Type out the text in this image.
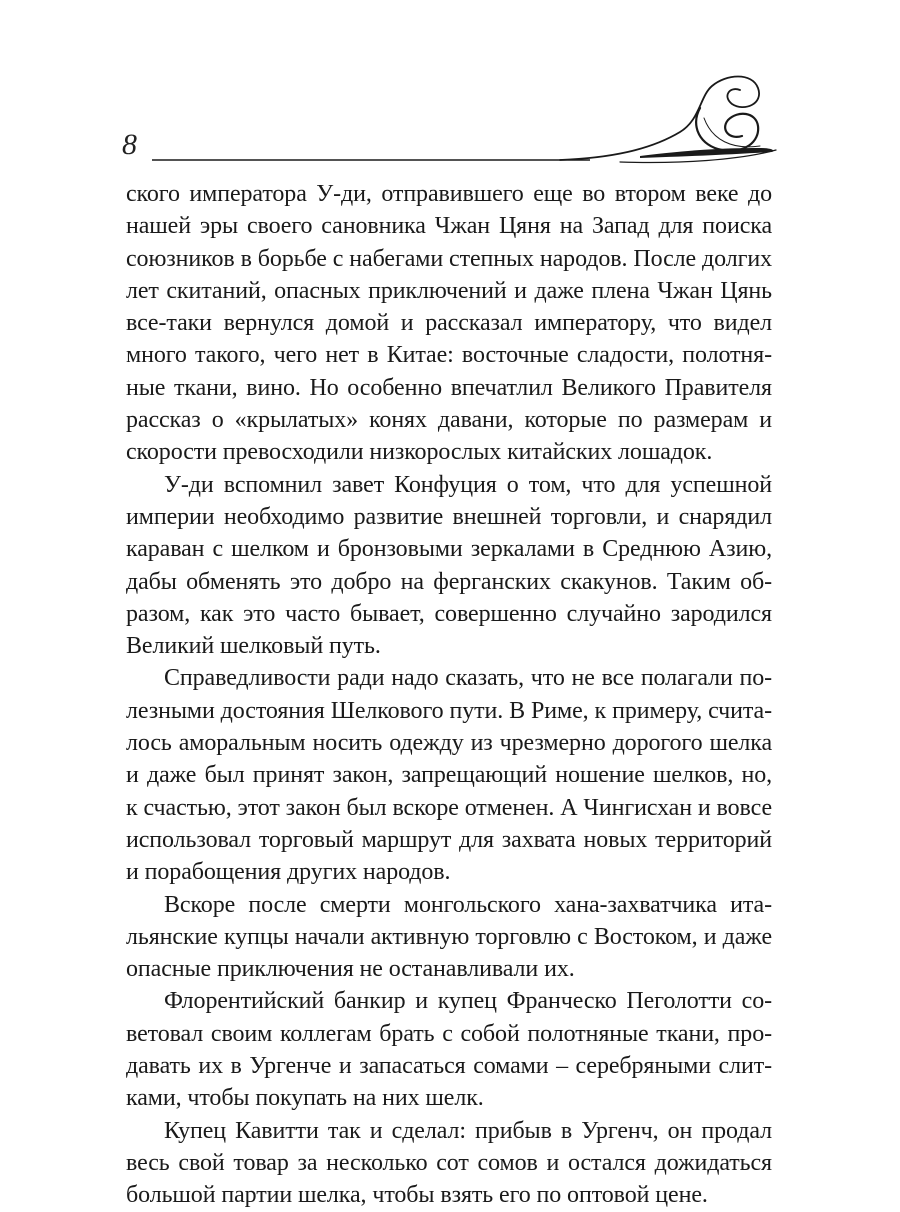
8

ского императора У-ди, отправившего еще во втором веке до
нашей эры своего сановника Чжан Цяня на Запад для поиска
союзников в борьбе с набегами степных народов. После долгих
лет скитаний, опасных приключений и даже плена Чжан Цянь
все-таки вернулся домой и рассказал императору, что видел
много такого, чего нет в Китае: восточные сладости, полотня-
ные ткани, вино. Но особенно впечатлил Великого Правителя
рассказ о «крылатых» конях давани, которые по размерам и
скорости превосходили низкорослых китайских лошадок.

У-ди вспомнил завет Конфуция о том, что для успешной
империи необходимо развитие внешней торговли, и снарядил
караван с шелком и бронзовыми зеркалами в Среднюю Азию,
дабы обменять это добро на ферганских скакунов. Таким об-
разом, как это часто бывает, совершенно случайно зародился
Великий шелковый путь.

Справедливости ради надо сказать, что не все полагали по-
лезными достояния Шелкового пути. В Риме, к примеру, счита-
лось аморальным носить одежду из чрезмерно дорогого шелка
и даже был принят закон, запрещающий ношение шелков, но,
к счастью, этот закон был вскоре отменен. А Чингисхан и вовсе
использовал торговый маршрут для захвата новых территорий
и порабощения других народов.

Вскоре после смерти монгольского хана-захватчика ита-
льянские купцы начали активную торговлю с Востоком, и даже
опасные приключения не останавливали их.

Флорентийский банкир и купец Франческо Пеголотти со-
ветовал своим коллегам брать с собой полотняные ткани, про-
давать их в Ургенче и запасаться сомами – серебряными слит-
ками, чтобы покупать на них шелк.

Купец Кавитти так и сделал: прибыв в Ургенч, он продал
весь свой товар за несколько сот сомов и остался дожидаться
большой партии шелка, чтобы взять его по оптовой цене.
